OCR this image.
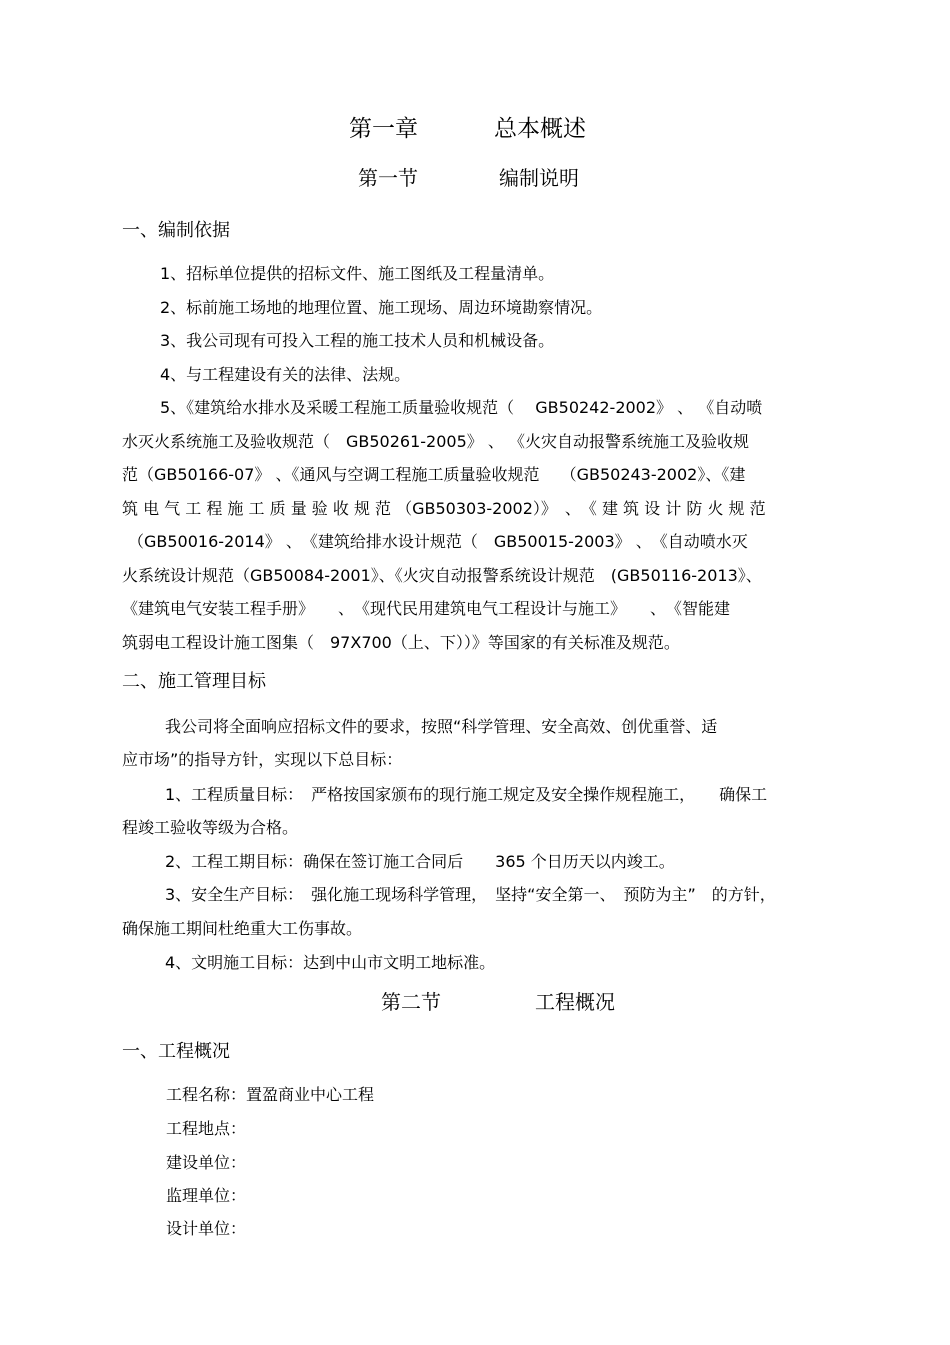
第一章	总本概述
第一节	编制说明
一、编制依据
1、招标单位提供的招标文件、施工图纸及工程量清单。
2、标前施工场地的地理位置、施工现场、周边环境勘察情况。
3、我公司现有可投入工程的施工技术人员和机械设备。
4、与工程建设有关的法律、法规。
5、《建筑给水排水及采暖工程施工质量验收规范（　 GB50242-2002》 、 《自动喷
水灭火系统施工及验收规范（　GB50261-2005》 、 《火灾自动报警系统施工及验收规
范（GB50166-07》 、《通风与空调工程施工质量验收规范　 （GB50243-2002》、《建
筑 电 气 工 程 施 工 质 量 验 收 规 范 （GB50303-2002）》　、　《 建 筑 设 计 防 火 规 范
（GB50016-2014》 、　《建筑给排水设计规范（　GB50015-2003》 、　《自动喷水灭
火系统设计规范（GB50084-2001》、《火灾自动报警系统设计规范　(GB50116-2013》、
《建筑电气安装工程手册》　　、　《现代民用建筑电气工程设计与施工》　　、　《智能建
筑弱电工程设计施工图集（　97X700（上、下））》等国家的有关标准及规范。
二、施工管理目标
我公司将全面响应招标文件的要求，按照“科学管理、安全高效、创优重誉、适
应市场”的指导方针，实现以下总目标：
1、工程质量目标：　严格按国家颁布的现行施工规定及安全操作规程施工，　　确保工
程竣工验收等级为合格。
2、工程工期目标：确保在签订施工合同后　　365 个日历天以内竣工。
3、安全生产目标：　强化施工现场科学管理，　坚持“安全第一、　预防为主”　的方针，
确保施工期间杜绝重大工伤事故。
4、文明施工目标：达到中山市文明工地标准。
第二节	工程概况
一、工程概况
工程名称：置盈商业中心工程
工程地点：
建设单位：
监理单位：
设计单位：
